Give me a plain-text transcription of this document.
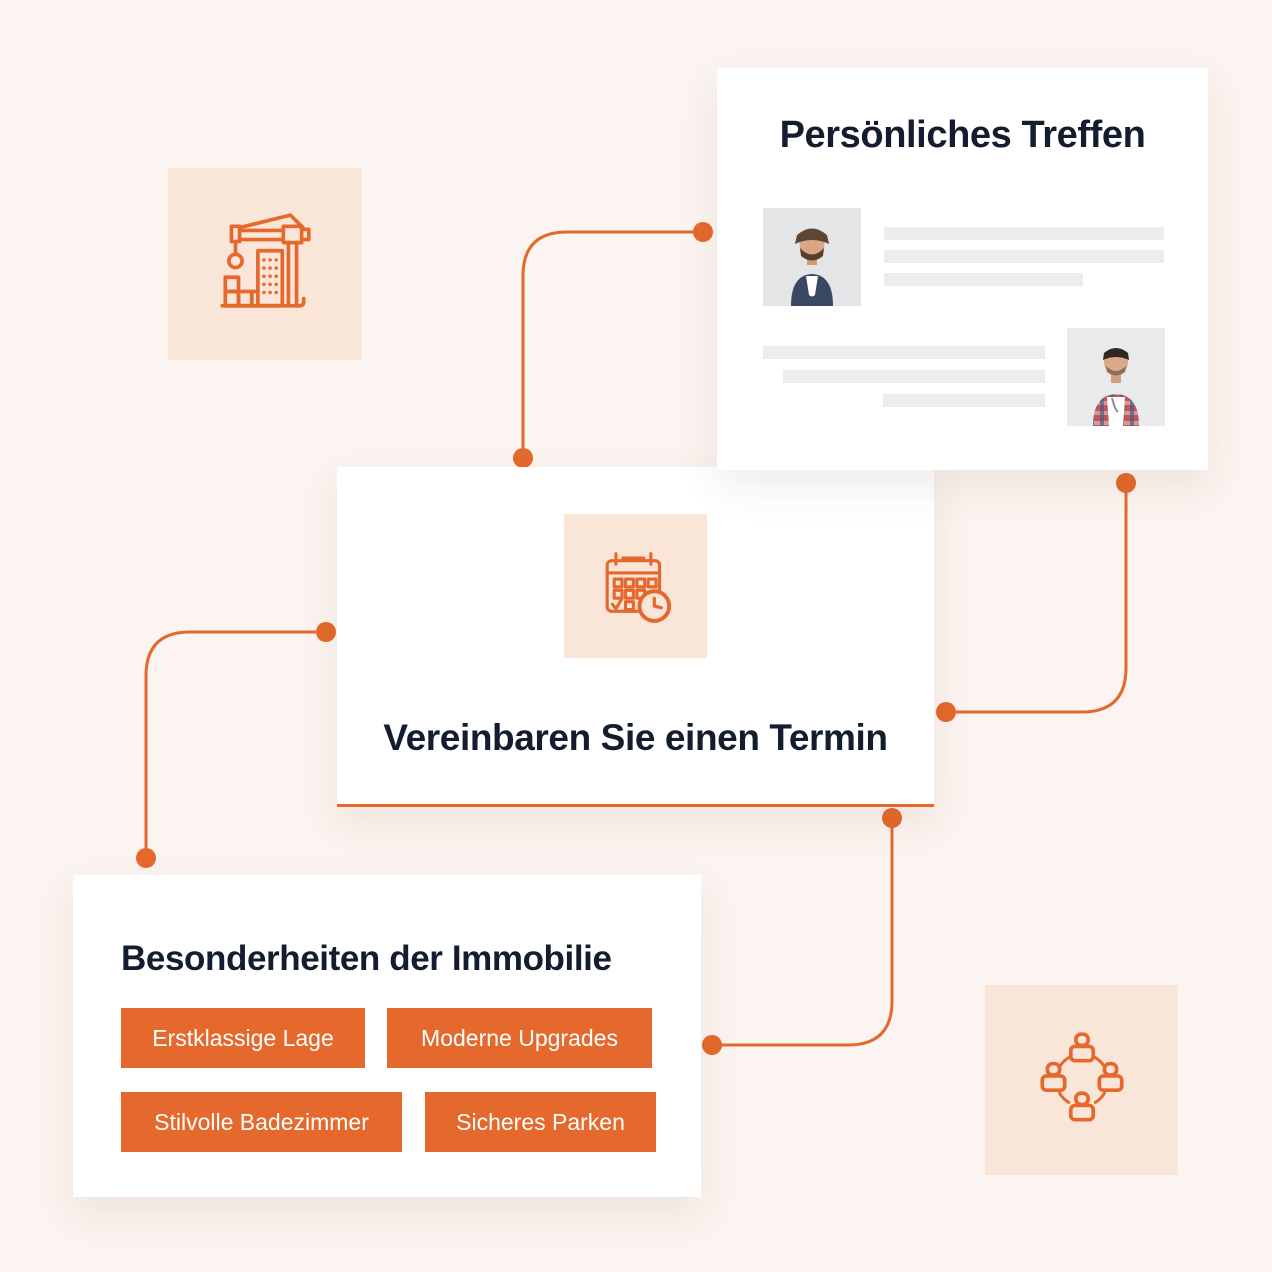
Persönliches Treffen
Vereinbaren Sie einen Termin
Besonderheiten der Immobilie
Erstklassige Lage	Moderne Upgrades
Stilvolle Badezimmer	Sicheres Parken
